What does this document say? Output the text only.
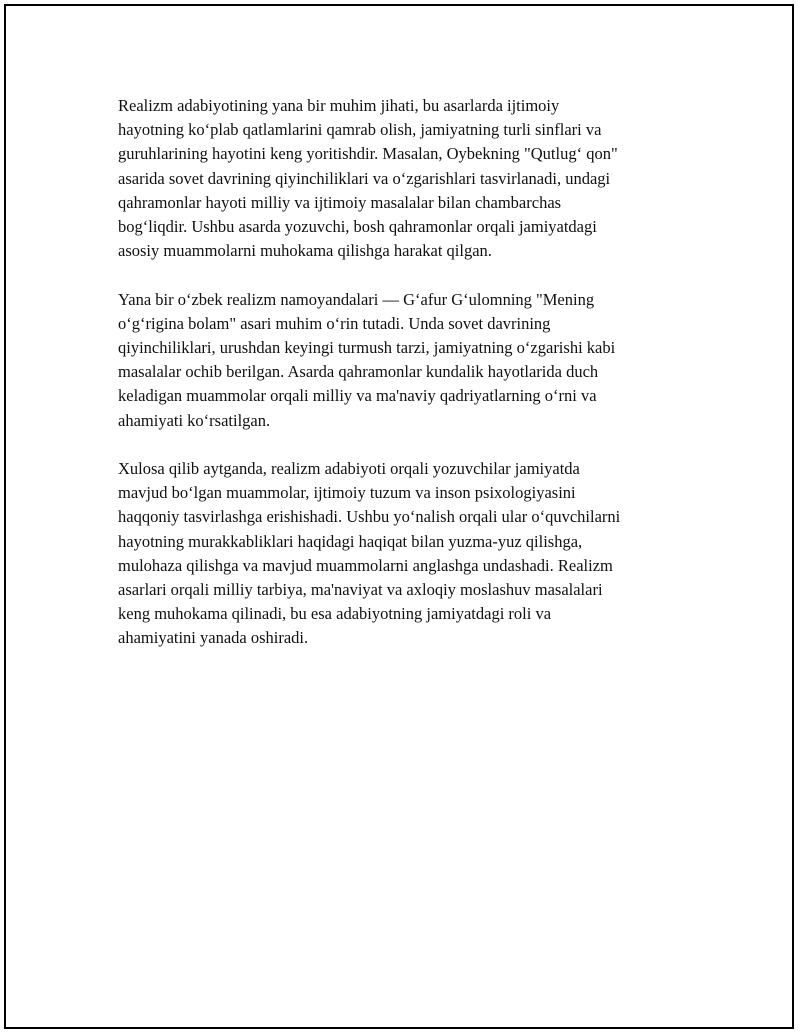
Realizm adabiyotining yana bir muhim jihati, bu asarlarda ijtimoiy
hayotning ko‘plab qatlamlarini qamrab olish, jamiyatning turli sinflari va
guruhlarining hayotini keng yoritishdir. Masalan, Oybekning "Qutlug‘ qon"
asarida sovet davrining qiyinchiliklari va o‘zgarishlari tasvirlanadi, undagi
qahramonlar hayoti milliy va ijtimoiy masalalar bilan chambarchas
bog‘liqdir. Ushbu asarda yozuvchi, bosh qahramonlar orqali jamiyatdagi
asosiy muammolarni muhokama qilishga harakat qilgan.

Yana bir o‘zbek realizm namoyandalari — G‘afur G‘ulomning "Mening
o‘g‘rigina bolam" asari muhim o‘rin tutadi. Unda sovet davrining
qiyinchiliklari, urushdan keyingi turmush tarzi, jamiyatning o‘zgarishi kabi
masalalar ochib berilgan. Asarda qahramonlar kundalik hayotlarida duch
keladigan muammolar orqali milliy va ma'naviy qadriyatlarning o‘rni va
ahamiyati ko‘rsatilgan.

Xulosa qilib aytganda, realizm adabiyoti orqali yozuvchilar jamiyatda
mavjud bo‘lgan muammolar, ijtimoiy tuzum va inson psixologiyasini
haqqoniy tasvirlashga erishishadi. Ushbu yo‘nalish orqali ular o‘quvchilarni
hayotning murakkabliklari haqidagi haqiqat bilan yuzma-yuz qilishga,
mulohaza qilishga va mavjud muammolarni anglashga undashadi. Realizm
asarlari orqali milliy tarbiya, ma'naviyat va axloqiy moslashuv masalalari
keng muhokama qilinadi, bu esa adabiyotning jamiyatdagi roli va
ahamiyatini yanada oshiradi.
